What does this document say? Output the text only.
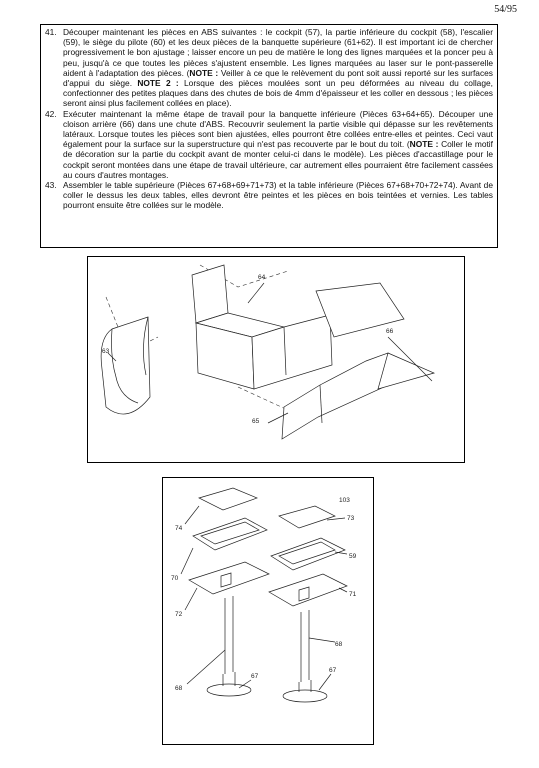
54/95
41. Découper maintenant les pièces en ABS suivantes : le cockpit (57), la partie inférieure du cockpit (58), l'escalier (59), le siège du pilote (60) et les deux pièces de la banquette supérieure (61+62). Il est important ici de chercher progressivement le bon ajustage ; laisser encore un peu de matière le long des lignes marquées et la poncer peu à peu, jusqu'à ce que toutes les pièces s'ajustent ensemble. Les lignes marquées au laser sur le pont-passerelle aident à l'adaptation des pièces. (NOTE : Veiller à ce que le relèvement du pont soit aussi reporté sur les surfaces d'appui du siège. NOTE 2 : Lorsque des pièces moulées sont un peu déformées au niveau du collage, confectionner des petites plaques dans des chutes de bois de 4mm d'épaisseur et les coller en dessous ; les pièces seront ainsi plus facilement collées en place).
42. Exécuter maintenant la même étape de travail pour la banquette inférieure (Pièces 63+64+65). Découper une cloison arrière (66) dans une chute d'ABS. Recouvrir seulement la partie visible qui dépasse sur les revêtements latéraux. Lorsque toutes les pièces sont bien ajustées, elles pourront être collées entre-elles et peintes. Ceci vaut également pour la surface sur la superstructure qui n'est pas recouverte par le bout du toit. (NOTE : Coller le motif de décoration sur la partie du cockpit avant de monter celui-ci dans le modèle). Les pièces d'accastillage pour le cockpit seront montées dans une étape de travail ultérieure, car autrement elles pourraient être facilement cassées au cours d'autres montages.
43. Assembler le table supérieure (Pièces 67+68+69+71+73) et la table inférieure (Pièces 67+68+70+72+74). Avant de coller le dessus les deux tables, elles devront être peintes et les pièces en bois teintées et vernies. Les tables pourront ensuite être collées sur le modèle.
63
64
65
66
103
73
59
71
74
70
72
68
68
67
67
